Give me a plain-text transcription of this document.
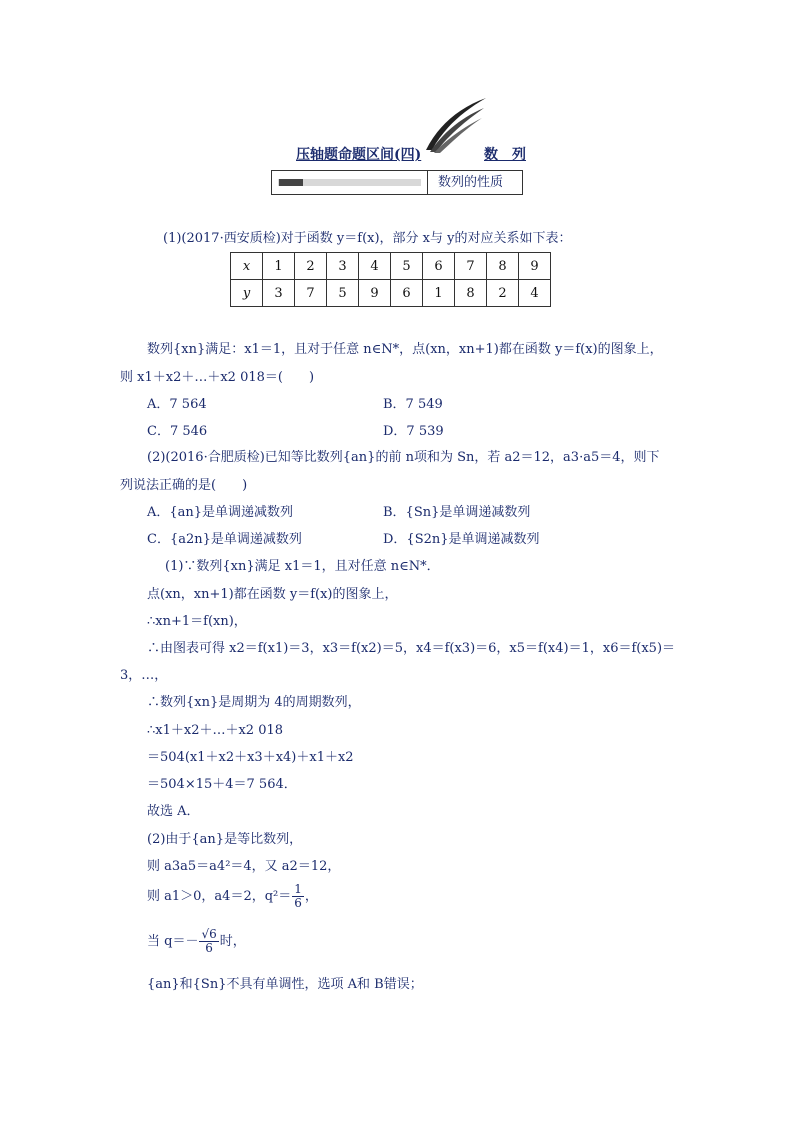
压轴题命题区间(四)	数　列
数列的性质
(1)(2017·西安质检)对于函数 y＝f(x)，部分 x与 y的对应关系如下表：
x	1	2	3	4	5	6	7	8	9
y	3	7	5	9	6	1	8	2	4
数列{xn}满足：x1＝1，且对于任意 n∈N*，点(xn，xn+1)都在函数 y＝f(x)的图象上，
则 x1＋x2＋…＋x2 018＝(　　)
A．7 564	B．7 549
C．7 546	D．7 539
(2)(2016·合肥质检)已知等比数列{an}的前 n项和为 Sn，若 a2＝12，a3·a5＝4，则下
列说法正确的是(　　)
A．{an}是单调递减数列	B．{Sn}是单调递减数列
C．{a2n}是单调递减数列	D．{S2n}是单调递减数列
(1)∵数列{xn}满足 x1＝1，且对任意 n∈N*．
点(xn，xn+1)都在函数 y＝f(x)的图象上，
∴xn+1＝f(xn)，
∴由图表可得 x2＝f(x1)＝3，x3＝f(x2)＝5，x4＝f(x3)＝6，x5＝f(x4)＝1，x6＝f(x5)＝
3，…，
∴数列{xn}是周期为 4的周期数列，
∴x1＋x2＋…＋x2 018
＝504(x1＋x2＋x3＋x4)＋x1＋x2
＝504×15＋4＝7 564．
故选 A．
(2)由于{an}是等比数列，
则 a3a5＝a4²＝4，又 a2＝12，
则 a1＞0，a4＝2，$q^2= \frac{1}{6}$ ，
当 $q=- \frac{√6}{6}$ 时，
{an}和{Sn}不具有单调性，选项 A和 B错误；
